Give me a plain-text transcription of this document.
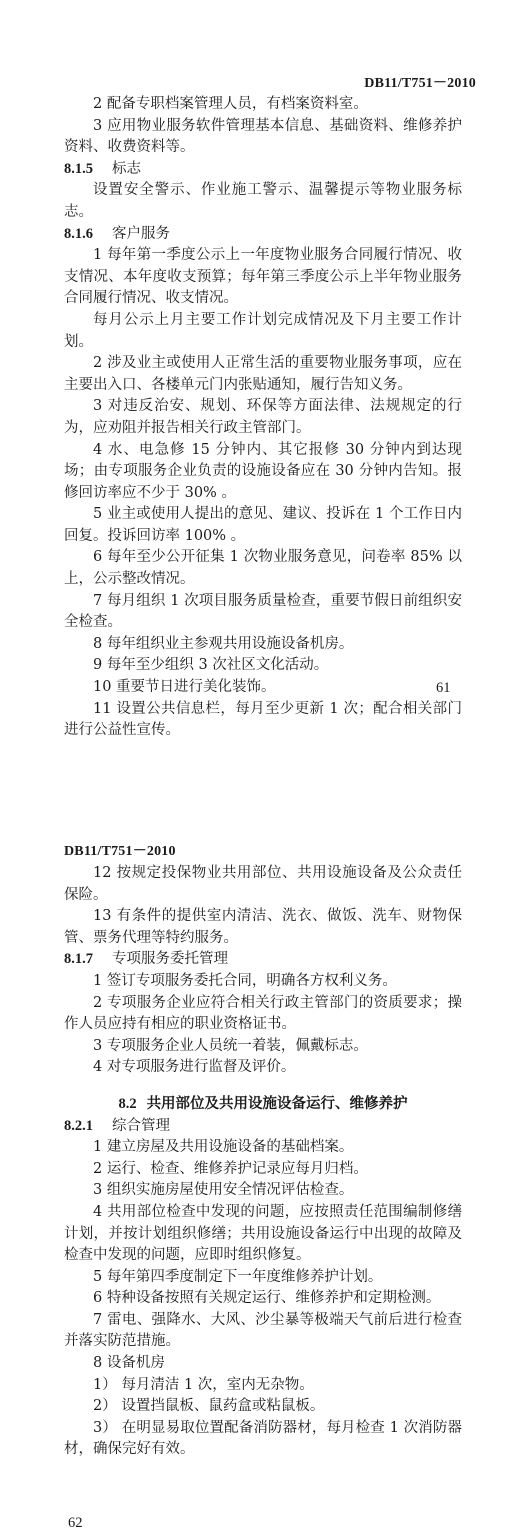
DB11/T751－2010

2 配备专职档案管理人员，有档案资料室。

3 应用物业服务软件管理基本信息、基础资料、维修养护资料、收费资料等。

8.1.5 标志

设置安全警示、作业施工警示、温馨提示等物业服务标志。

8.1.6 客户服务

1 每年第一季度公示上一年度物业服务合同履行情况、收支情况、本年度收支预算；每年第三季度公示上半年物业服务合同履行情况、收支情况。

每月公示上月主要工作计划完成情况及下月主要工作计划。

2 涉及业主或使用人正常生活的重要物业服务事项，应在主要出入口、各楼单元门内张贴通知，履行告知义务。

3 对违反治安、规划、环保等方面法律、法规规定的行为，应劝阻并报告相关行政主管部门。

4 水、电急修 15 分钟内、其它报修 30 分钟内到达现场；由专项服务企业负责的设施设备应在 30 分钟内告知。报修回访率应不少于 30% 。

5 业主或使用人提出的意见、建议、投诉在 1 个工作日内回复。投诉回访率 100% 。

6 每年至少公开征集 1 次物业服务意见，问卷率 85% 以上，公示整改情况。

7 每月组织 1 次项目服务质量检查，重要节假日前组织安全检查。

8 每年组织业主参观共用设施设备机房。

9 每年至少组织 3 次社区文化活动。

10 重要节日进行美化装饰。

11 设置公共信息栏，每月至少更新 1 次；配合相关部门进行公益性宣传。

61
DB11/T751－2010

12 按规定投保物业共用部位、共用设施设备及公众责任保险。

13 有条件的提供室内清洁、洗衣、做饭、洗车、财物保管、票务代理等特约服务。

8.1.7 专项服务委托管理

1 签订专项服务委托合同，明确各方权利义务。

2 专项服务企业应符合相关行政主管部门的资质要求；操作人员应持有相应的职业资格证书。

3 专项服务企业人员统一着装，佩戴标志。

4 对专项服务进行监督及评价。

8.2 共用部位及共用设施设备运行、维修养护

8.2.1 综合管理

1 建立房屋及共用设施设备的基础档案。

2 运行、检查、维修养护记录应每月归档。

3 组织实施房屋使用安全情况评估检查。

4 共用部位检查中发现的问题，应按照责任范围编制修缮计划，并按计划组织修缮；共用设施设备运行中出现的故障及检查中发现的问题，应即时组织修复。

5 每年第四季度制定下一年度维修养护计划。

6 特种设备按照有关规定运行、维修养护和定期检测。

7 雷电、强降水、大风、沙尘暴等极端天气前后进行检查并落实防范措施。

8 设备机房

1） 每月清洁 1 次，室内无杂物。

2） 设置挡鼠板、鼠药盒或粘鼠板。

3） 在明显易取位置配备消防器材，每月检查 1 次消防器材，确保完好有效。

62
